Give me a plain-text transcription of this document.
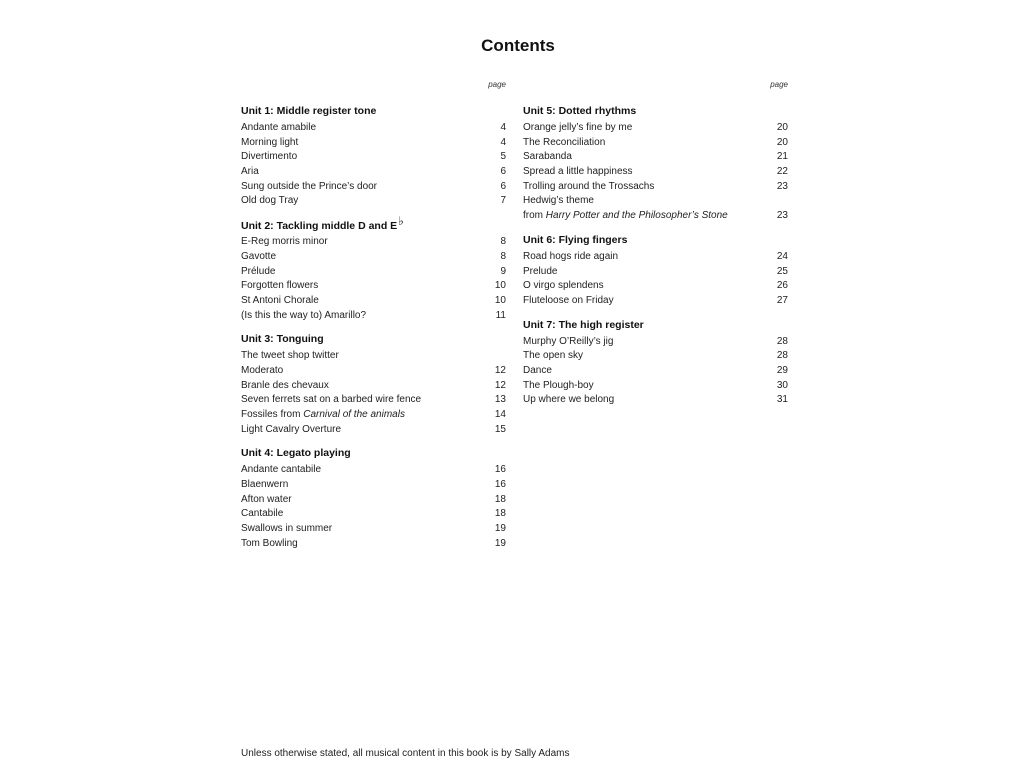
Contents
page
Unit 1: Middle register tone
Andante amabile	4
Morning light	4
Divertimento	5
Aria	6
Sung outside the Prince’s door	6
Old dog Tray	7
Unit 2: Tackling middle D and E♭
E-Reg morris minor	8
Gavotte	8
Prélude	9
Forgotten flowers	10
St Antoni Chorale	10
(Is this the way to) Amarillo?	11
Unit 3: Tonguing
The tweet shop twitter
Moderato	12
Branle des chevaux	12
Seven ferrets sat on a barbed wire fence	13
Fossiles from Carnival of the animals	14
Light Cavalry Overture	15
Unit 4: Legato playing
Andante cantabile	16
Blaenwern	16
Afton water	18
Cantabile	18
Swallows in summer	19
Tom Bowling	19
page
Unit 5: Dotted rhythms
Orange jelly’s fine by me	20
The Reconciliation	20
Sarabanda	21
Spread a little happiness	22
Trolling around the Trossachs	23
Hedwig’s theme
from Harry Potter and the Philosopher’s Stone	23
Unit 6: Flying fingers
Road hogs ride again	24
Prelude	25
O virgo splendens	26
Fluteloose on Friday	27
Unit 7: The high register
Murphy O’Reilly’s jig	28
The open sky	28
Dance	29
The Plough-boy	30
Up where we belong	31
Unless otherwise stated, all musical content in this book is by Sally Adams
